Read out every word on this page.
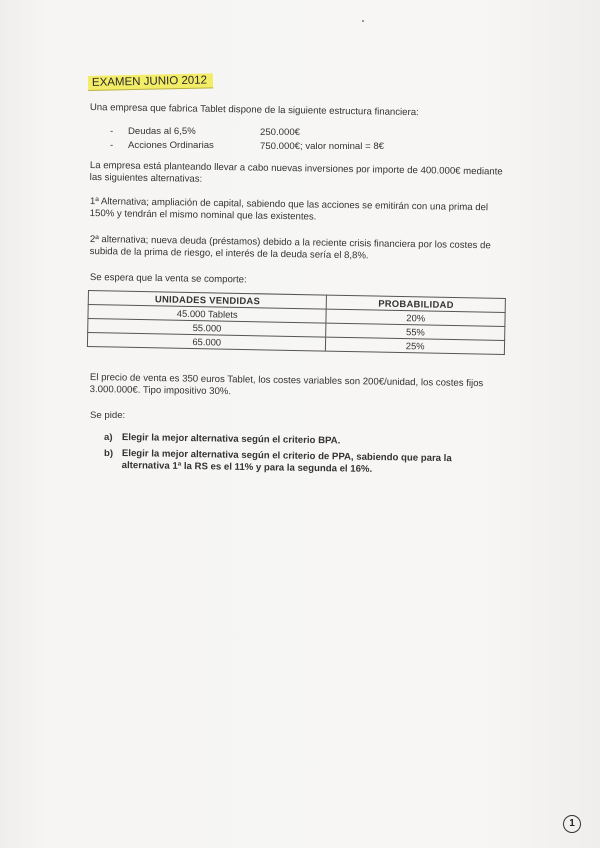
EXAMEN JUNIO 2012
Una empresa que fabrica Tablet dispone de la siguiente estructura financiera:
- Deudas al 6,5%	250.000€
- Acciones Ordinarias	750.000€; valor nominal = 8€
La empresa está planteando llevar a cabo nuevas inversiones por importe de 400.000€ mediante las siguientes alternativas:
1ª Alternativa; ampliación de capital, sabiendo que las acciones se emitirán con una prima del 150% y tendrán el mismo nominal que las existentes.
2ª alternativa; nueva deuda (préstamos) debido a la reciente crisis financiera por los costes de subida de la prima de riesgo, el interés de la deuda sería el 8,8%.
Se espera que la venta se comporte:
UNIDADES VENDIDAS	PROBABILIDAD
45.000 Tablets	20%
55.000	55%
65.000	25%
El precio de venta es 350 euros Tablet, los costes variables son 200€/unidad, los costes fijos 3.000.000€. Tipo impositivo 30%.
Se pide:
a) Elegir la mejor alternativa según el criterio BPA.
b) Elegir la mejor alternativa según el criterio de PPA, sabiendo que para la alternativa 1ª la RS es el 11% y para la segunda el 16%.
1
